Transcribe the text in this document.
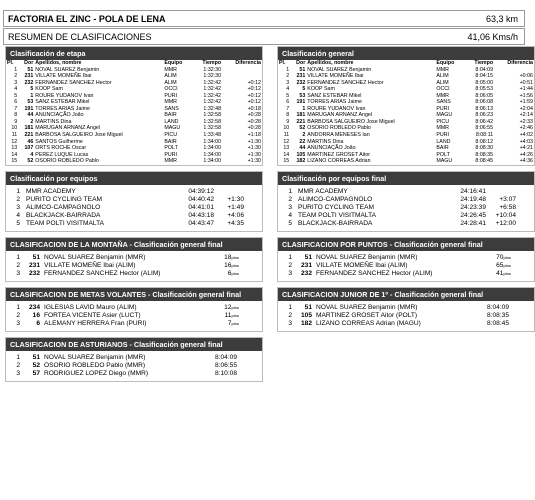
FACTORIA EL ZINC - POLA DE LENA	63,3 km
RESUMEN DE CLASIFICACIONES	41,06 Kms/h
Clasificación de etapa
Pl.	Dor	Apellidos, nombre	Equipo	Tiempo	Diferencia
1	51	NOVAL SUAREZ Benjamin	MMR	1:32:30	
2	231	VILLATE MOMEÑE Ibai	ALIM	1:32:30	
3	232	FERNANDEZ SANCHEZ Hector	ALIM	1:32:42	+0:12
4	5	KOOP Sam	OCCI	1:32:42	+0:12
5	1	ROURE YUDANOV Ivan	PURI	1:32:42	+0:12
6	53	SANZ ESTEBAR Mikel	MMR	1:32:42	+0:12
7	191	TORRES ARIAS Jaime	SANS	1:32:48	+0:18
8	44	ANUNCIAÇÃO João	BAIR	1:32:58	+0:28
9	2	MARTINS Dina	LAND	1:32:58	+0:28
10	181	MARUGAN ARNANZ Angel	MAGU	1:32:58	+0:28
11	221	BARBOSA SALGUEIRO Jose Miguel	PICU	1:33:48	+1:18
12	46	SANTOS Guilherme	BAIR	1:34:00	+1:30
13	107	ORTS ROCHE Oscar	POLT	1:34:00	+1:30
14	4	PEREZ LUQUE Lucas	PURI	1:34:00	+1:30
15	52	OSORIO ROBLEDO Pablo	MMR	1:34:00	+1:30
Clasificación por equipos
1 MMR ACADEMY	04:39:12
2 PURITO CYCLING TEAM	04:40:42	+1:30
3 ALIMCO-CAMPAGNOLO	04:41:01	+1:49
4 BLACKJACK-BAIRRADA	04:43:18	+4:06
5 TEAM POLTI VISITMALTA	04:43:47	+4:35
CLASIFICACION DE LA MONTAÑA - Clasificación general final
1	51 NOVAL SUAREZ Benjamin (MMR)	18ptos
2	231 VILLATE MOMEÑE Ibai (ALIM)	16ptos
3	232 FERNANDEZ SANCHEZ Hector (ALIM)	6ptos
CLASIFICACION DE METAS VOLANTES - Clasificación general final
1	234 IGLESIAS LAVID Mauro (ALIM)	12ptos
2	16 FORTEA VICENTE Asier (LUCT)	11ptos
3	6 ALEMANY HERRERA Fran (PURI)	7ptos
CLASIFICACION DE ASTURIANOS - Clasificación general final
1	51 NOVAL SUAREZ Benjamin (MMR)	8:04:09
2	52 OSORIO ROBLEDO Pablo (MMR)	8:06:55
3	57 RODRIGUEZ LOPEZ Diego (MMR)	8:10:08
Clasificación general
Pl.	Dor	Apellidos, nombre	Equipo	Tiempo	Diferencia
1	51	NOVAL SUAREZ Benjamin	MMR	8:04:09	
2	231	VILLATE MOMEÑE Ibai	ALIM	8:04:15	+0:06
3	232	FERNANDEZ SANCHEZ Hector	ALIM	8:05:00	+0:51
4	5	KOOP Sam	OCCI	8:05:53	+1:44
5	53	SANZ ESTEBAR Mikel	MMR	8:06:05	+1:56
6	191	TORRES ARIAS Jaime	SANS	8:06:08	+1:59
7	1	ROURE YUDANOV Ivan	PURI	8:06:13	+2:04
8	181	MARUGAN ARNANZ Angel	MAGU	8:06:23	+2:14
9	221	BARBOSA SALGUEIRO Jose Miguel	PICU	8:06:42	+2:33
10	52	OSORIO ROBLEDO Pablo	MMR	8:06:55	+2:46
11	2	ANDORRA MENESES Ian	PURI	8:08:11	+4:02
12	22	MARTINS Dina	LAND	8:08:12	+4:03
13	44	ANUNCIAÇÃO João	BAIR	8:08:30	+4:21
14	105	MARTINEZ GROSET Aitor	POLT	8:08:35	+4:26
15	182	LIZANO CORREAS Adrian	MAGU	8:08:45	+4:36
Clasificación por equipos final
1 MMR ACADEMY	24:16:41
2 ALIMCO-CAMPAGNOLO	24:19:48	+3:07
3 PURITO CYCLING TEAM	24:23:39	+6:58
4 TEAM POLTI VISITMALTA	24:26:45	+10:04
5 BLACKJACK-BAIRRADA	24:28:41	+12:00
CLASIFICACION POR PUNTOS - Clasificación general final
1	51 NOVAL SUAREZ Benjamin (MMR)	70ptos
2	231 VILLATE MOMEÑE Ibai (ALIM)	65ptos
3	232 FERNANDEZ SANCHEZ Hector (ALIM)	41ptos
CLASIFICACION JUNIOR DE 1º - Clasificación general final
1	51 NOVAL SUAREZ Benjamin (MMR)	8:04:09
2	105 MARTINEZ GROSET Aitor (POLT)	8:08:35
3	182 LIZANO CORREAS Adrian (MAGU)	8:08:45
